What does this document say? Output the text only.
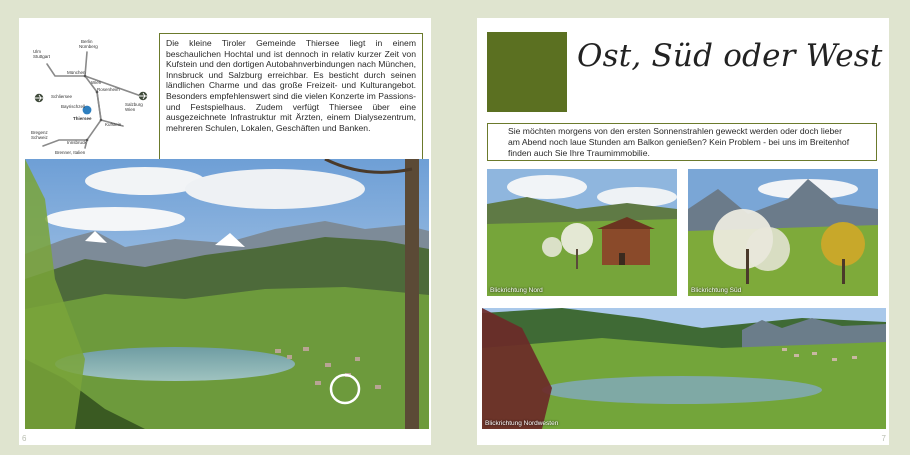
Berlin
Nürnberg
Ulm
Stuttgart
München
Wien
Rosenheim
Schliersee
Bayrischzell
Thiersee
Salzburg
Wien
Kufstein
Bregenz
Schweiz
Innsbruck
Brenner, Italien
Die kleine Tiroler Gemeinde Thiersee liegt in einem beschaulichen Hochtal und ist dennoch in relativ kurzer Zeit von Kufstein und den dortigen Autobahnverbindungen nach München, Innsbruck und Salzburg erreichbar. Es besticht durch seinen ländlichen Charme und das große Freizeit- und Kulturangebot. Besonders empfehlenswert sind die vielen Konzerte im Passions- und Festspielhaus. Zudem verfügt Thiersee über eine ausgezeichnete Infrastruktur mit Ärzten, einem Dialysezentrum, mehreren Schulen, Lokalen, Geschäften und Banken.
6
Ost, Süd oder West
Sie möchten morgens von den ersten Sonnenstrahlen geweckt werden oder doch lieber am Abend noch laue Stunden am Balkon genießen? Kein Problem - bei uns im Breitenhof finden auch Sie Ihre Traumimmobilie.
Blickrichtung Nord	Blickrichtung Süd
Blickrichtung Nordwesten
7
